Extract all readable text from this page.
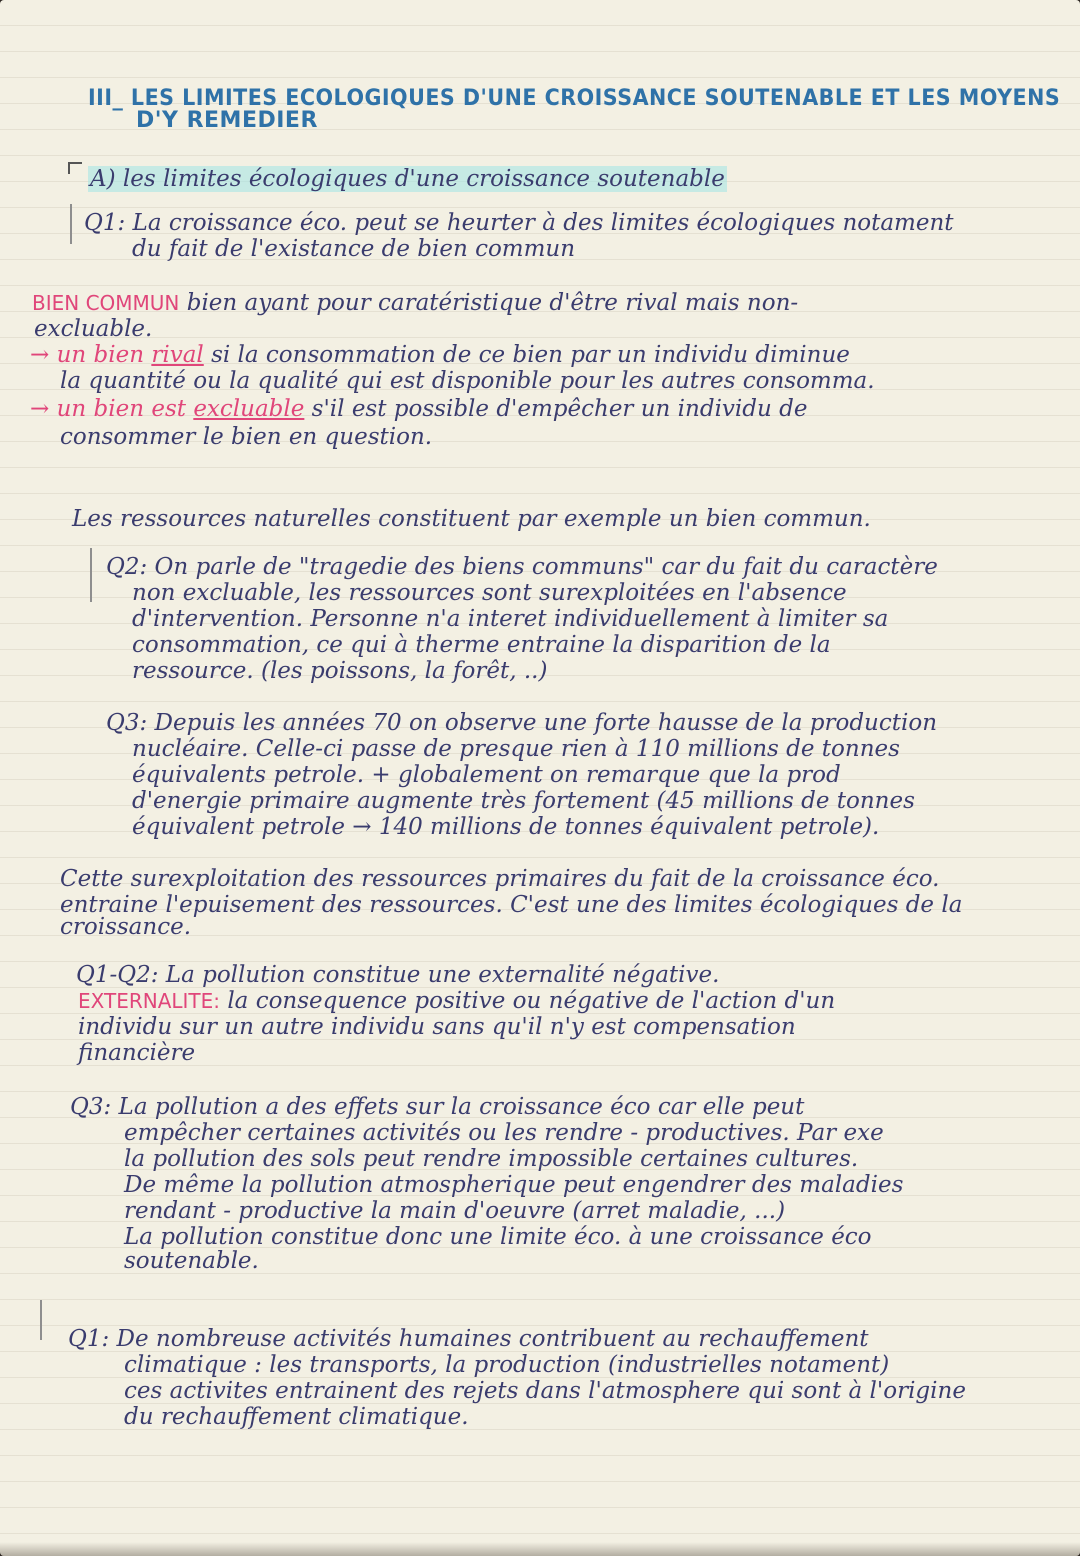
III_ LES LIMITES ECOLOGIQUES D'UNE CROISSANCE SOUTENABLE ET LES MOYENS
D'Y REMEDIER
A) les limites écologiques d'une croissance soutenable
Q1: La croissance éco. peut se heurter à des limites écologiques notament
du fait de l'existance de bien commun
BIEN COMMUN bien ayant pour caratéristique d'être rival mais non-
excluable.
→ un bien rival si la consommation de ce bien par un individu diminue
la quantité ou la qualité qui est disponible pour les autres consomma.
→ un bien est excluable s'il est possible d'empêcher un individu de
consommer le bien en question.
Les ressources naturelles constituent par exemple un bien commun.
Q2: On parle de "tragedie des biens communs" car du fait du caractère
non excluable, les ressources sont surexploitées en l'absence
d'intervention. Personne n'a interet individuellement à limiter sa
consommation, ce qui à therme entraine la disparition de la
ressource. (les poissons, la forêt, ..)
Q3: Depuis les années 70 on observe une forte hausse de la production
nucléaire. Celle-ci passe de presque rien à 110 millions de tonnes
équivalents petrole. + globalement on remarque que la prod
d'energie primaire augmente très fortement (45 millions de tonnes
équivalent petrole → 140 millions de tonnes équivalent petrole).
Cette surexploitation des ressources primaires du fait de la croissance éco.
entraine l'epuisement des ressources. C'est une des limites écologiques de la
croissance.
Q1-Q2: La pollution constitue une externalité négative.
EXTERNALITE: la consequence positive ou négative de l'action d'un
individu sur un autre individu sans qu'il n'y est compensation
financière
Q3: La pollution a des effets sur la croissance éco car elle peut
empêcher certaines activités ou les rendre - productives. Par exe
la pollution des sols peut rendre impossible certaines cultures.
De même la pollution atmospherique peut engendrer des maladies
rendant - productive la main d'oeuvre (arret maladie, ...)
La pollution constitue donc une limite éco. à une croissance éco
soutenable.
Q1: De nombreuse activités humaines contribuent au rechauffement
climatique : les transports, la production (industrielles notament)
ces activites entrainent des rejets dans l'atmosphere qui sont à l'origine
du rechauffement climatique.
